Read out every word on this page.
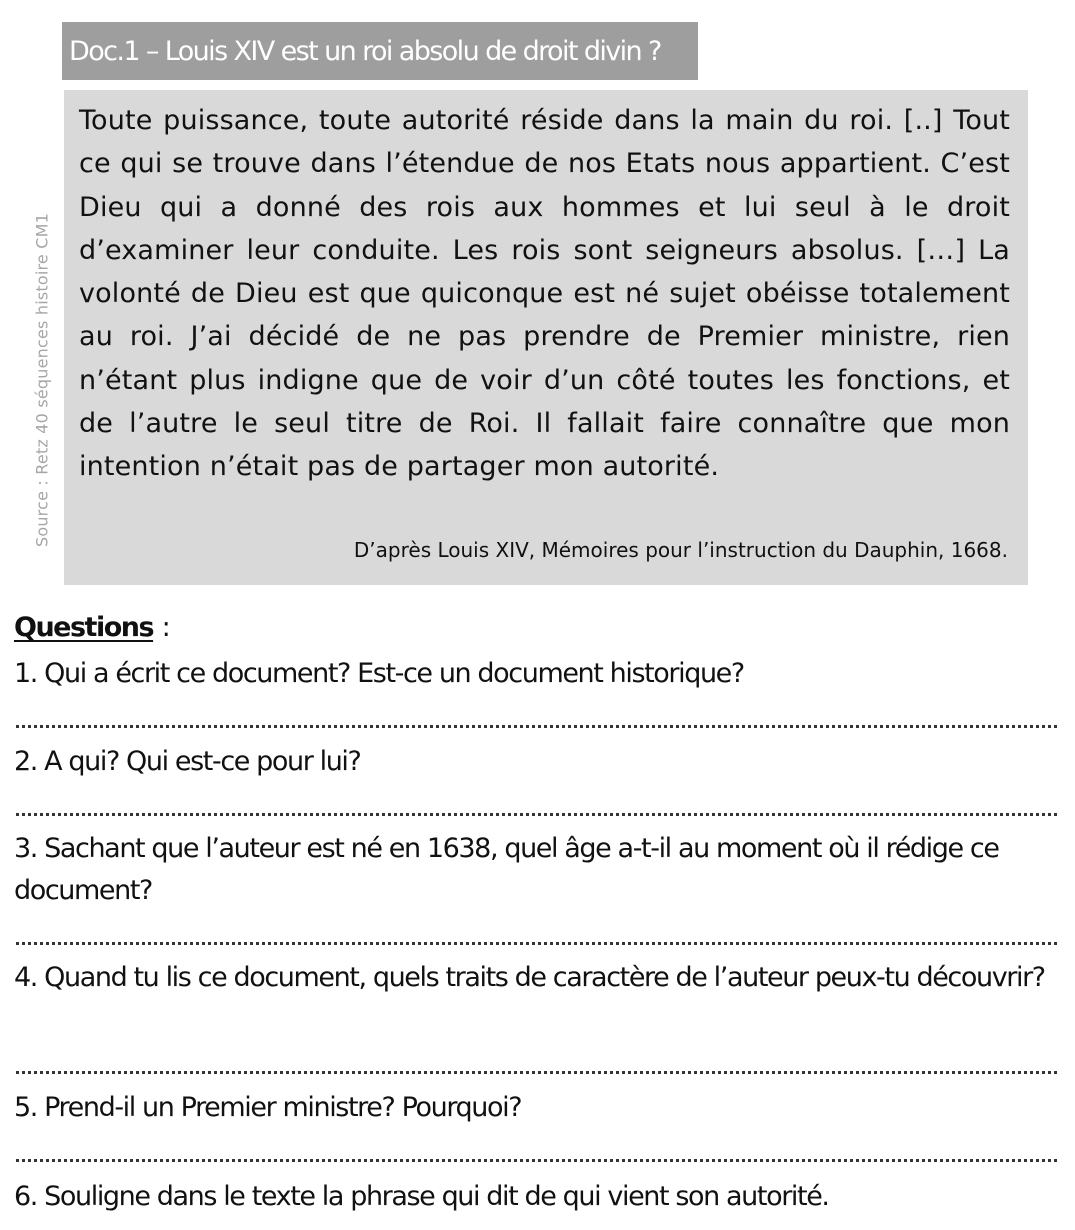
Doc.1 – Louis XIV est un roi absolu de droit divin ?
Source : Retz 40 séquences histoire CM1

Toute puissance, toute autorité réside dans la main du roi. [..] Tout ce qui se trouve dans l’étendue de nos Etats nous appartient. C’est Dieu qui a donné des rois aux hommes et lui seul à le droit d’examiner leur conduite. Les rois sont seigneurs absolus. […] La volonté de Dieu est que quiconque est né sujet obéisse totalement au roi. J’ai décidé de ne pas prendre de Premier ministre, rien n’étant plus indigne que de voir d’un côté toutes les fonctions, et de l’autre le seul titre de Roi. Il fallait faire connaître que mon intention n’était pas de partager mon autorité.

D’après Louis XIV, Mémoires pour l’instruction du Dauphin, 1668.
Questions :
1. Qui a écrit ce document? Est-ce un document historique?
2. A qui? Qui est-ce pour lui?
3. Sachant que l’auteur est né en 1638, quel âge a-t-il au moment où il rédige ce document?
4. Quand tu lis ce document, quels traits de caractère de l’auteur peux-tu découvrir?
5. Prend-il un Premier ministre? Pourquoi?
6. Souligne dans le texte la phrase qui dit de qui vient son autorité.
